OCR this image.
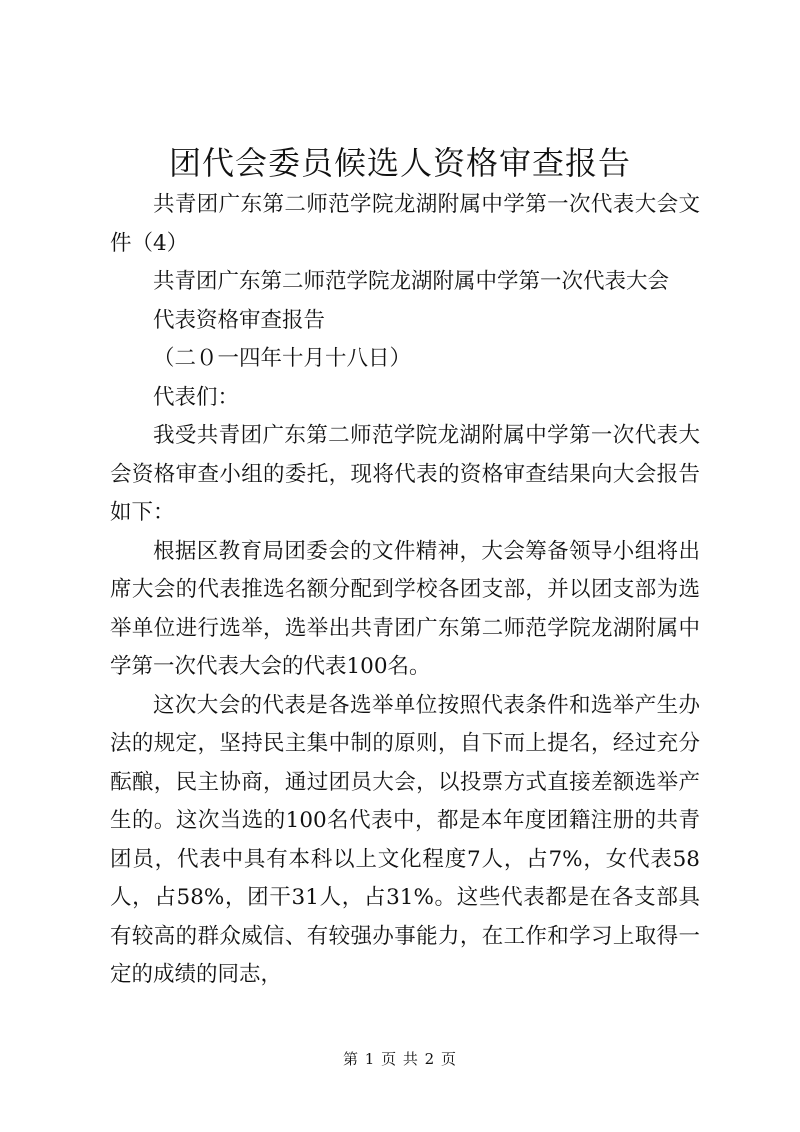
团代会委员候选人资格审查报告

共青团广东第二师范学院龙湖附属中学第一次代表大会文件（4）

共青团广东第二师范学院龙湖附属中学第一次代表大会

代表资格审查报告

（二０一四年十月十八日）

代表们：

我受共青团广东第二师范学院龙湖附属中学第一次代表大会资格审查小组的委托，现将代表的资格审查结果向大会报告如下：

根据区教育局团委会的文件精神，大会筹备领导小组将出席大会的代表推选名额分配到学校各团支部，并以团支部为选举单位进行选举，选举出共青团广东第二师范学院龙湖附属中学第一次代表大会的代表100名。

这次大会的代表是各选举单位按照代表条件和选举产生办法的规定，坚持民主集中制的原则，自下而上提名，经过充分酝酿，民主协商，通过团员大会，以投票方式直接差额选举产生的。这次当选的100名代表中，都是本年度团籍注册的共青团员，代表中具有本科以上文化程度7人，占7%，女代表58人，占58%，团干31人，占31%。这些代表都是在各支部具有较高的群众威信、有较强办事能力，在工作和学习上取得一定的成绩的同志，

第 1 页 共 2 页
